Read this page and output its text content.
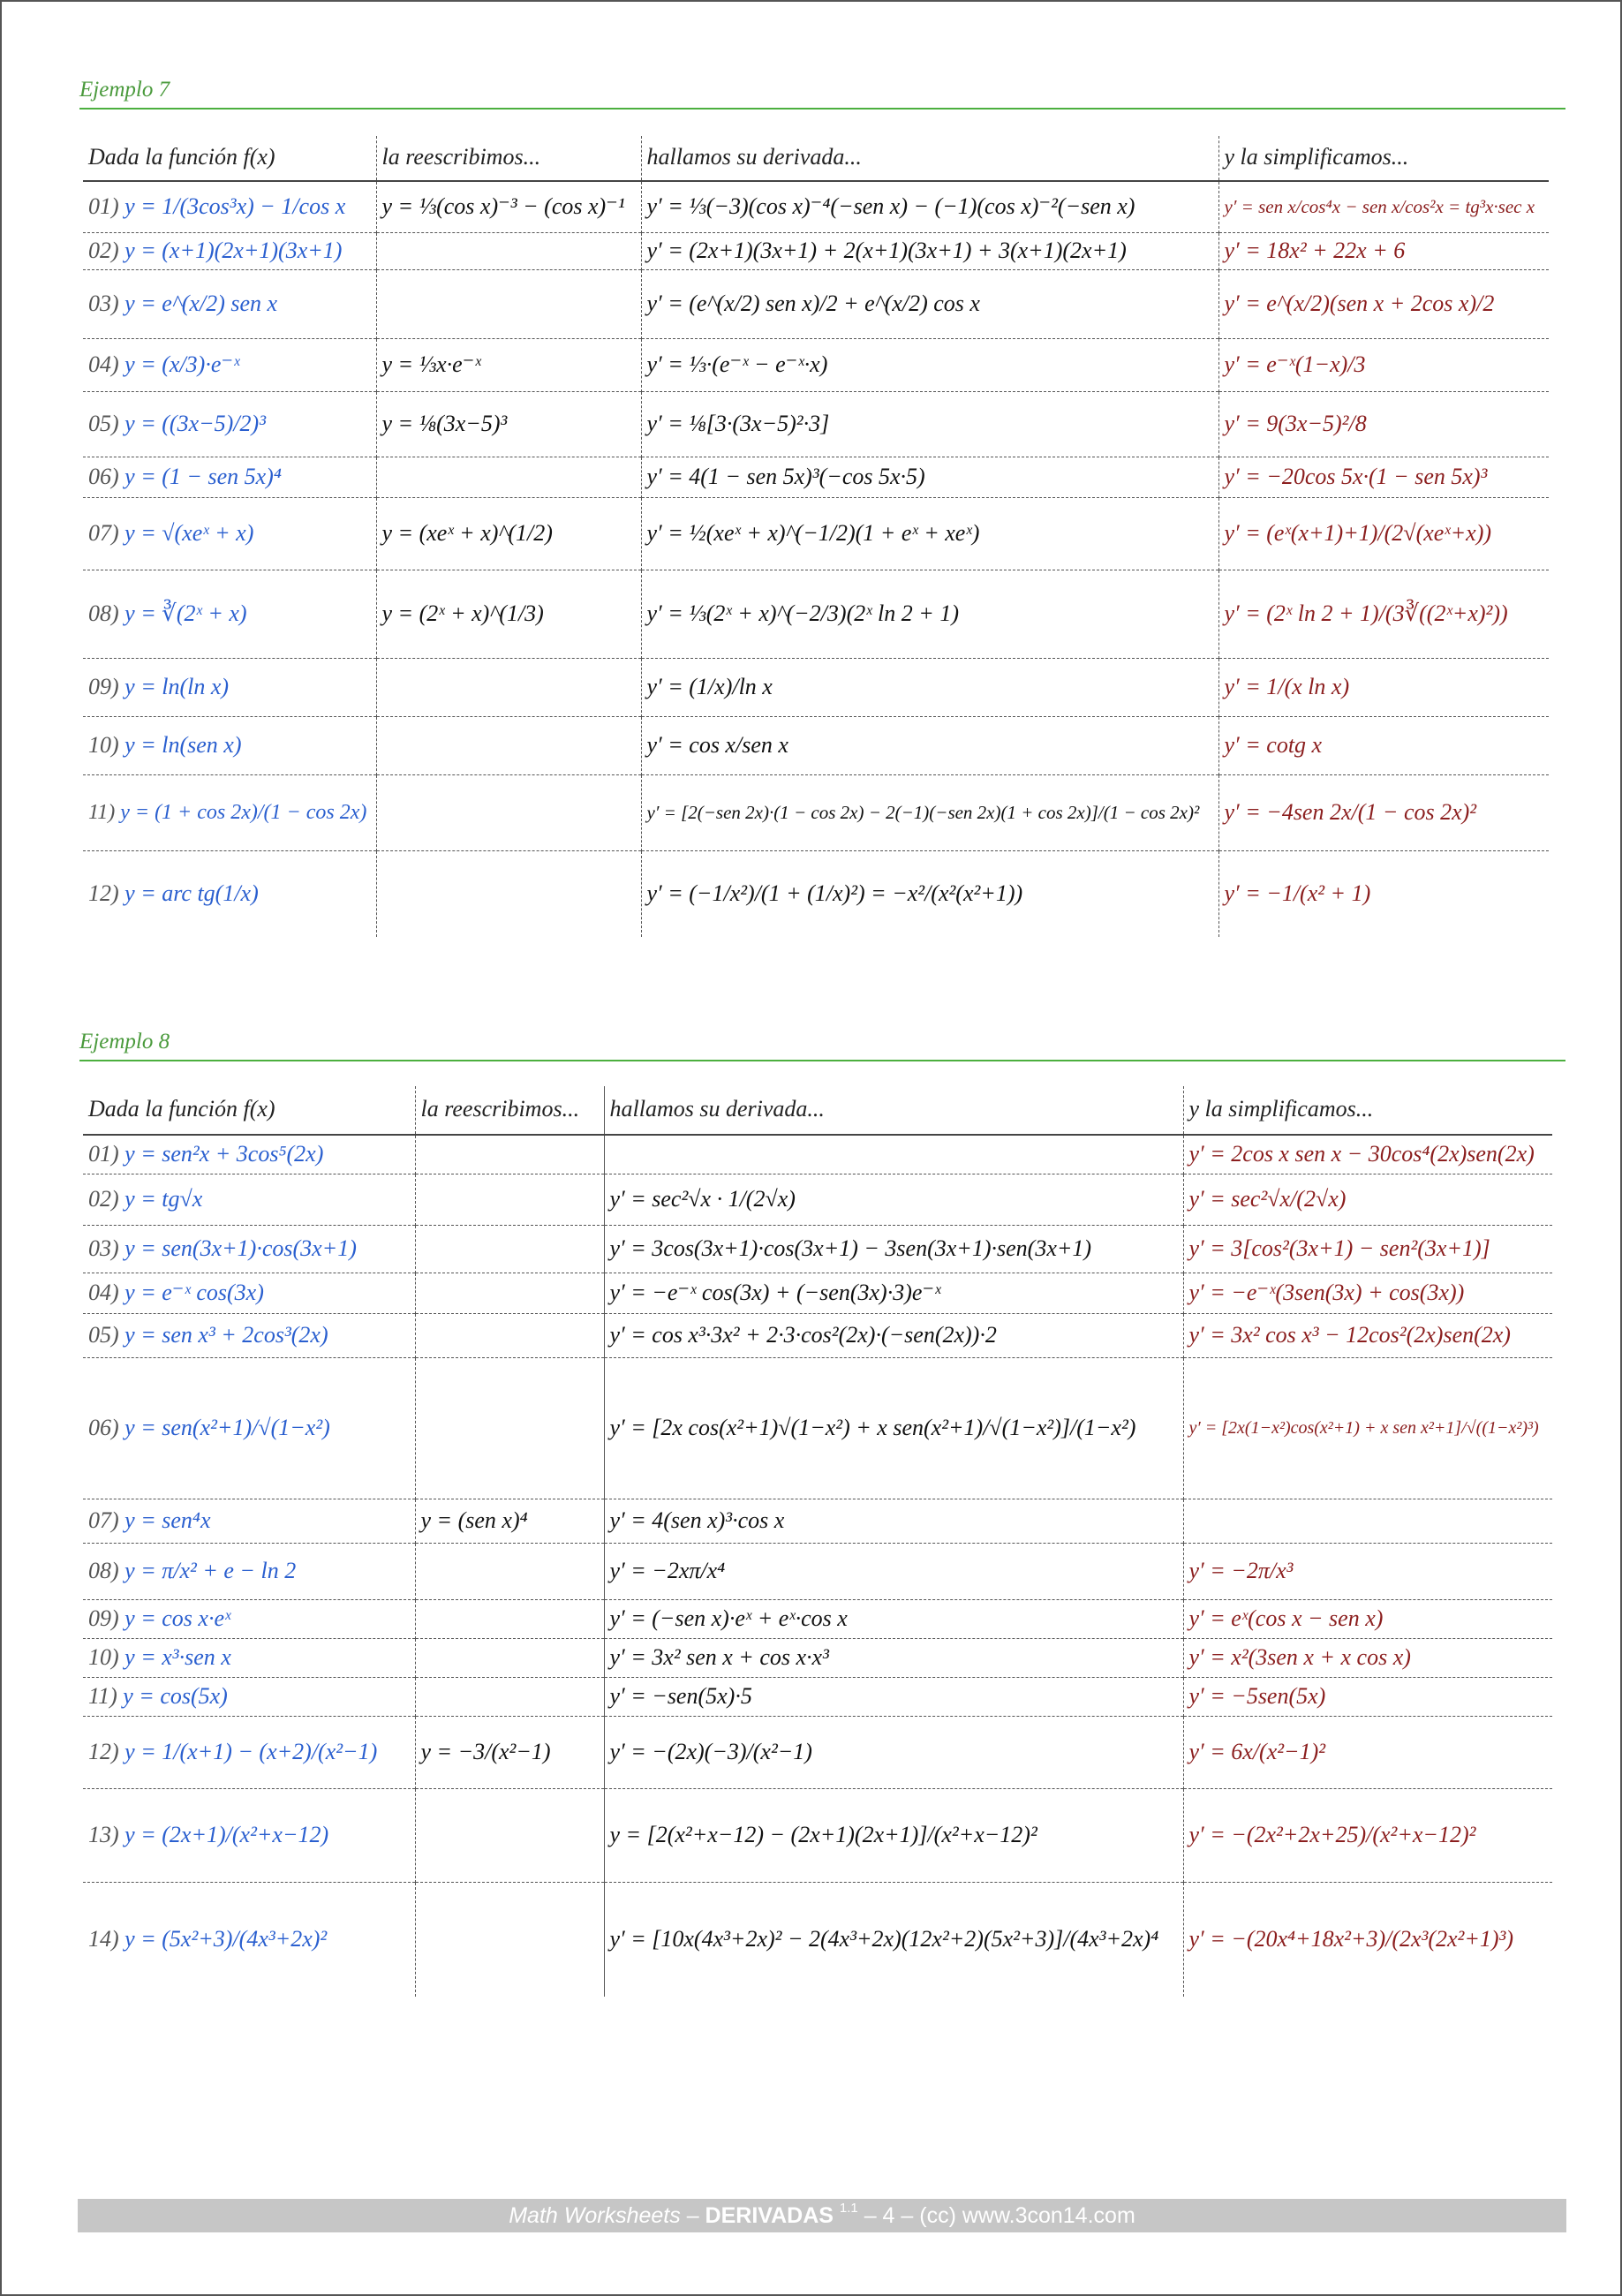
Ejemplo 7
Dada la función f(x)	la reescribimos...	hallamos su derivada...	y la simplificamos...
01) y = 1/(3cos³x) − 1/cos x	y = ⅓(cos x)⁻³ − (cos x)⁻¹	y′ = ⅓(−3)(cos x)⁻⁴(−sen x) − (−1)(cos x)⁻²(−sen x)	y′ = sen x/cos⁴x − sen x/cos²x = tg³x·sec x
02) y = (x+1)(2x+1)(3x+1)		y′ = (2x+1)(3x+1) + 2(x+1)(3x+1) + 3(x+1)(2x+1)	y′ = 18x² + 22x + 6
03) y = e^(x/2) sen x		y′ = (e^(x/2) sen x)/2 + e^(x/2) cos x	y′ = e^(x/2)(sen x + 2cos x)/2
04) y = (x/3)·e⁻ˣ	y = ⅓x·e⁻ˣ	y′ = ⅓·(e⁻ˣ − e⁻ˣ·x)	y′ = e⁻ˣ(1−x)/3
05) y = ((3x−5)/2)³	y = ⅛(3x−5)³	y′ = ⅛[3·(3x−5)²·3]	y′ = 9(3x−5)²/8
06) y = (1 − sen 5x)⁴		y′ = 4(1 − sen 5x)³(−cos 5x·5)	y′ = −20cos 5x·(1 − sen 5x)³
07) y = √(xeˣ + x)	y = (xeˣ + x)^(1/2)	y′ = ½(xeˣ + x)^(−1/2)(1 + eˣ + xeˣ)	y′ = (eˣ(x+1)+1)/(2√(xeˣ+x))
08) y = ∛(2ˣ + x)	y = (2ˣ + x)^(1/3)	y′ = ⅓(2ˣ + x)^(−2/3)(2ˣ ln 2 + 1)	y′ = (2ˣ ln 2 + 1)/(3∛((2ˣ+x)²))
09) y = ln(ln x)		y′ = (1/x)/ln x	y′ = 1/(x ln x)
10) y = ln(sen x)		y′ = cos x/sen x	y′ = cotg x
11) y = (1 + cos 2x)/(1 − cos 2x)		y′ = [2(−sen 2x)·(1 − cos 2x) − 2(−1)(−sen 2x)(1 + cos 2x)]/(1 − cos 2x)²	y′ = −4sen 2x/(1 − cos 2x)²
12) y = arc tg(1/x)		y′ = (−1/x²)/(1 + (1/x)²) = −x²/(x²(x²+1))	y′ = −1/(x² + 1)
Ejemplo 8
Dada la función f(x)	la reescribimos...	hallamos su derivada...	y la simplificamos...
01) y = sen²x + 3cos⁵(2x)			y′ = 2cos x sen x − 30cos⁴(2x)sen(2x)
02) y = tg√x		y′ = sec²√x · 1/(2√x)	y′ = sec²√x/(2√x)
03) y = sen(3x+1)·cos(3x+1)		y′ = 3cos(3x+1)·cos(3x+1) − 3sen(3x+1)·sen(3x+1)	y′ = 3[cos²(3x+1) − sen²(3x+1)]
04) y = e⁻ˣ cos(3x)		y′ = −e⁻ˣ cos(3x) + (−sen(3x)·3)e⁻ˣ	y′ = −e⁻ˣ(3sen(3x) + cos(3x))
05) y = sen x³ + 2cos³(2x)		y′ = cos x³·3x² + 2·3·cos²(2x)·(−sen(2x))·2	y′ = 3x² cos x³ − 12cos²(2x)sen(2x)
06) y = sen(x²+1)/√(1−x²)		y′ = [2x cos(x²+1)√(1−x²) + x sen(x²+1)/√(1−x²)]/(1−x²)	y′ = [2x(1−x²)cos(x²+1) + x sen x²+1]/√((1−x²)³)
07) y = sen⁴x	y = (sen x)⁴	y′ = 4(sen x)³·cos x	
08) y = π/x² + e − ln 2		y′ = −2xπ/x⁴	y′ = −2π/x³
09) y = cos x·eˣ		y′ = (−sen x)·eˣ + eˣ·cos x	y′ = eˣ(cos x − sen x)
10) y = x³·sen x		y′ = 3x² sen x + cos x·x³	y′ = x²(3sen x + x cos x)
11) y = cos(5x)		y′ = −sen(5x)·5	y′ = −5sen(5x)
12) y = 1/(x+1) − (x+2)/(x²−1)	y = −3/(x²−1)	y′ = −(2x)(−3)/(x²−1)	y′ = 6x/(x²−1)²
13) y = (2x+1)/(x²+x−12)		y = [2(x²+x−12) − (2x+1)(2x+1)]/(x²+x−12)²	y′ = −(2x²+2x+25)/(x²+x−12)²
14) y = (5x²+3)/(4x³+2x)²		y′ = [10x(4x³+2x)² − 2(4x³+2x)(12x²+2)(5x²+3)]/(4x³+2x)⁴	y′ = −(20x⁴+18x²+3)/(2x³(2x²+1)³)
Math Worksheets – DERIVADAS $^{1.1}$ – 4 – (cc) www.3con14.com
